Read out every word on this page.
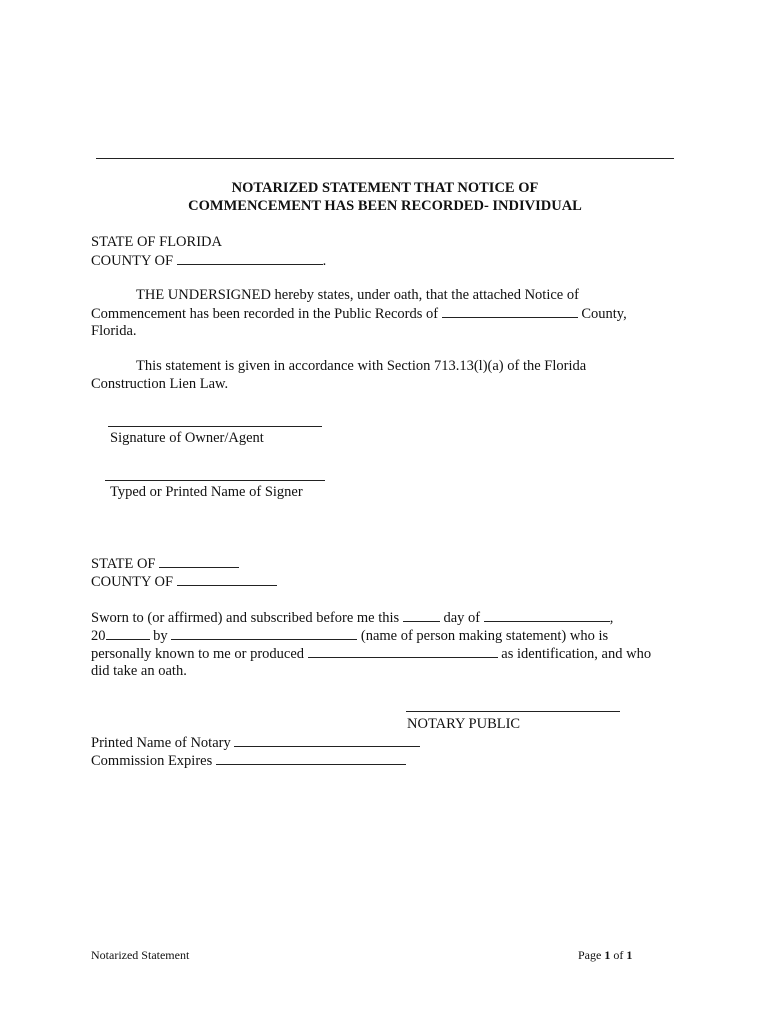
NOTARIZED STATEMENT THAT NOTICE OF
COMMENCEMENT HAS BEEN RECORDED- INDIVIDUAL
STATE OF FLORIDA
COUNTY OF	.
THE UNDERSIGNED hereby states, under oath, that the attached Notice of
Commencement has been recorded in the Public Records of	County,
Florida.
This statement is given in accordance with Section 713.13(l)(a) of the Florida
Construction Lien Law.
Signature of Owner/Agent
Typed or Printed Name of Signer
STATE OF
COUNTY OF
Sworn to (or affirmed) and subscribed before me this	day of	,
20	by	(name of person making statement) who is
personally known to me or produced	as identification, and who
did take an oath.
NOTARY PUBLIC
Printed Name of Notary
Commission Expires
Notarized Statement	Page 1 of 1
